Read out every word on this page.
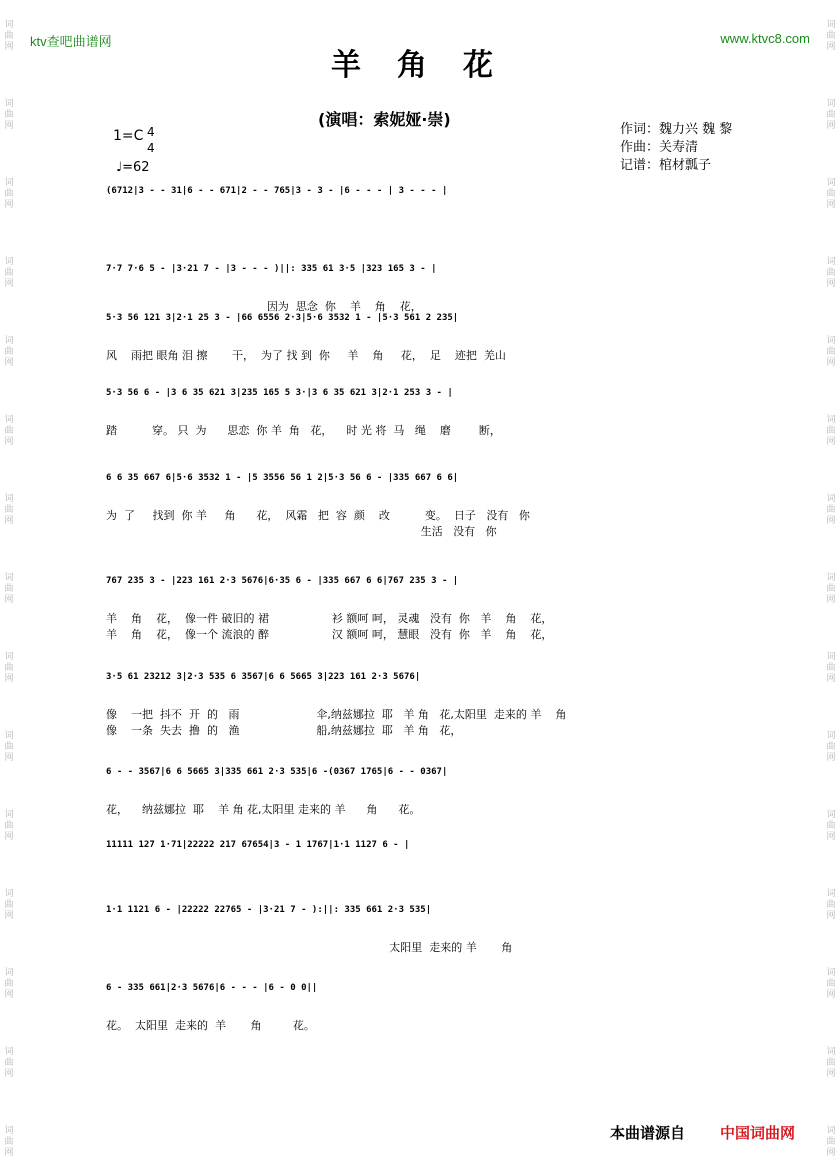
词曲网
词曲网
词曲网
词曲网
词曲网
词曲网
词曲网
词曲网
词曲网
词曲网
词曲网
词曲网
词曲网
词曲网
词曲网
词曲网
词曲网
词曲网
词曲网
词曲网
词曲网
词曲网
词曲网
词曲网
词曲网
词曲网
词曲网
词曲网
词曲网
词曲网
ktv查吧曲谱网	www.ktvc8.com
羊角花
(演唱：索妮娅·崇)
作词：魏力兴 魏 黎
作曲：关寿清
记谱：棺材瓢子
1=C 4
4
♩=62
(6712|3 - - 31|6 - - 671|2 - - 765|3 - 3 - |6 - - - | 3 - - - |
7·7 7·6 5 - |3·21 7 - |3 - - - )||: 335 61 3·5 |323 165 3 - |
因为  思念  你    羊    角    花，
5·3 56 121 3|2·1 25 3 - |66 6556 2·3|5·6 3532 1 - |5·3 561 2 235|
风    雨把 眼角 泪 擦       干，  为了 找 到  你     羊    角     花，  足    迹把  羌山
5·3 56 6 - |3 6 35 621 3|235 165 5 3·|3 6 35 621 3|2·1 253 3 - |
踏          穿。 只  为      思恋  你 羊  角   花，    时 光 将  马   绳    磨        断，
6 6 35 667 6|5·6 3532 1 - |5 3556 56 1 2|5·3 56 6 - |335 667 6 6|
为  了     找到  你 羊     角      花，  风霜   把  容  颜    改          变。  日子   没有   你
生活   没有   你
767 235 3 - |223 161 2·3 5676|6·35 6 - |335 667 6 6|767 235 3 - |
羊    角    花，  像一件 破旧的 裙                  衫 额呵 呵， 灵魂   没有  你   羊    角    花，
羊    角    花，  像一个 流浪的 醉                  汉 额呵 呵， 慧眼   没有  你   羊    角    花，
3·5 61 23212 3|2·3 535 6 3567|6 6 5665 3|223 161 2·3 5676|
像    一把  抖不  开  的   雨                      伞,纳兹娜拉  耶   羊 角   花,太阳里  走来的 羊    角
像    一条  失去  撸  的   渔                      船,纳兹娜拉  耶   羊 角   花，
6 - - 3567|6 6 5665 3|335 661 2·3 535|6 -(0367 1765|6 - - 0367|
花，    纳兹娜拉  耶    羊 角 花,太阳里 走来的 羊      角      花。
11111 127 1·71|22222 217 67654|3 - 1 1767|1·1 1127 6 - |
1·1 1121 6 - |22222 22765 - |3·21 7 - ):||: 335 661 2·3 535|
太阳里  走来的 羊       角
6 - 335 661|2·3 5676|6 - - - |6 - 0 0||
花。  太阳里  走来的  羊       角         花。
本曲谱源自 中国词曲网
